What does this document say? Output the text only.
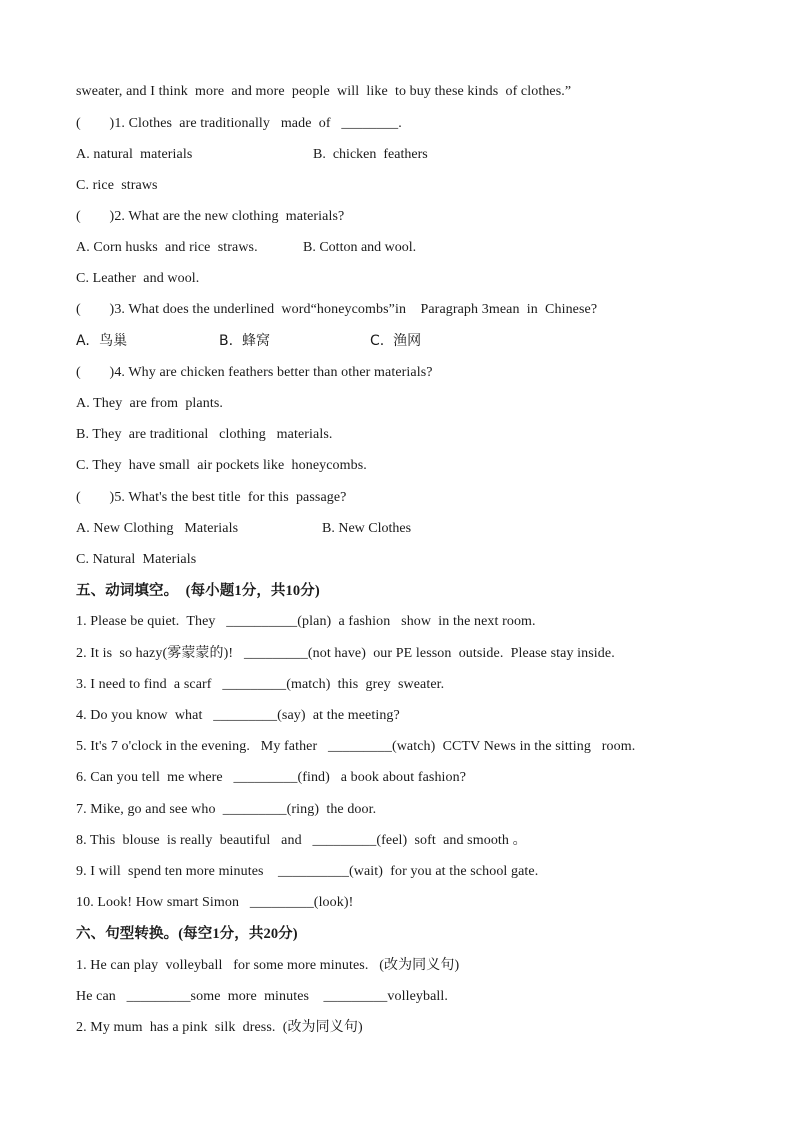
sweater, and I think  more  and more  people  will  like  to buy these kinds  of clothes.”
(        )1. Clothes  are traditionally   made  of   ________.
A. natural  materials	B.  chicken  feathers
C. rice  straws
(        )2. What are the new clothing  materials?
A. Corn husks  and rice  straws.	B. Cotton and wool.
C. Leather  and wool.
(        )3. What does the underlined  word“honeycombs”in    Paragraph 3mean  in  Chinese?
A.  鸟巢	B.  蜂窝	C.  渔网
(        )4. Why are chicken feathers better than other materials?
A. They  are from  plants.
B. They  are traditional   clothing   materials.
C. They  have small  air pockets like  honeycombs.
(        )5. What's the best title  for this  passage?
A. New Clothing   Materials	B. New Clothes
C. Natural  Materials
五、动词填空。  (每小题1分，共10分)
1. Please be quiet.  They   __________(plan)  a fashion   show  in the next room.
2. It is  so hazy(雾蒙蒙的)!   _________(not have)  our PE lesson  outside.  Please stay inside.
3. I need to find  a scarf   _________(match)  this  grey  sweater.
4. Do you know  what   _________(say)  at the meeting?
5. It's 7 o'clock in the evening.   My father   _________(watch)  CCTV News in the sitting   room.
6. Can you tell  me where   _________(find)   a book about fashion?
7. Mike, go and see who  _________(ring)  the door.
8. This  blouse  is really  beautiful   and   _________(feel)  soft  and smooth 。
9. I will  spend ten more minutes    __________(wait)  for you at the school gate.
10. Look! How smart Simon   _________(look)!
六、句型转换。(每空1分，共20分)
1. He can play  volleyball   for some more minutes.   (改为同义句)
He can   _________some  more  minutes    _________volleyball.
2. My mum  has a pink  silk  dress.  (改为同义句)
